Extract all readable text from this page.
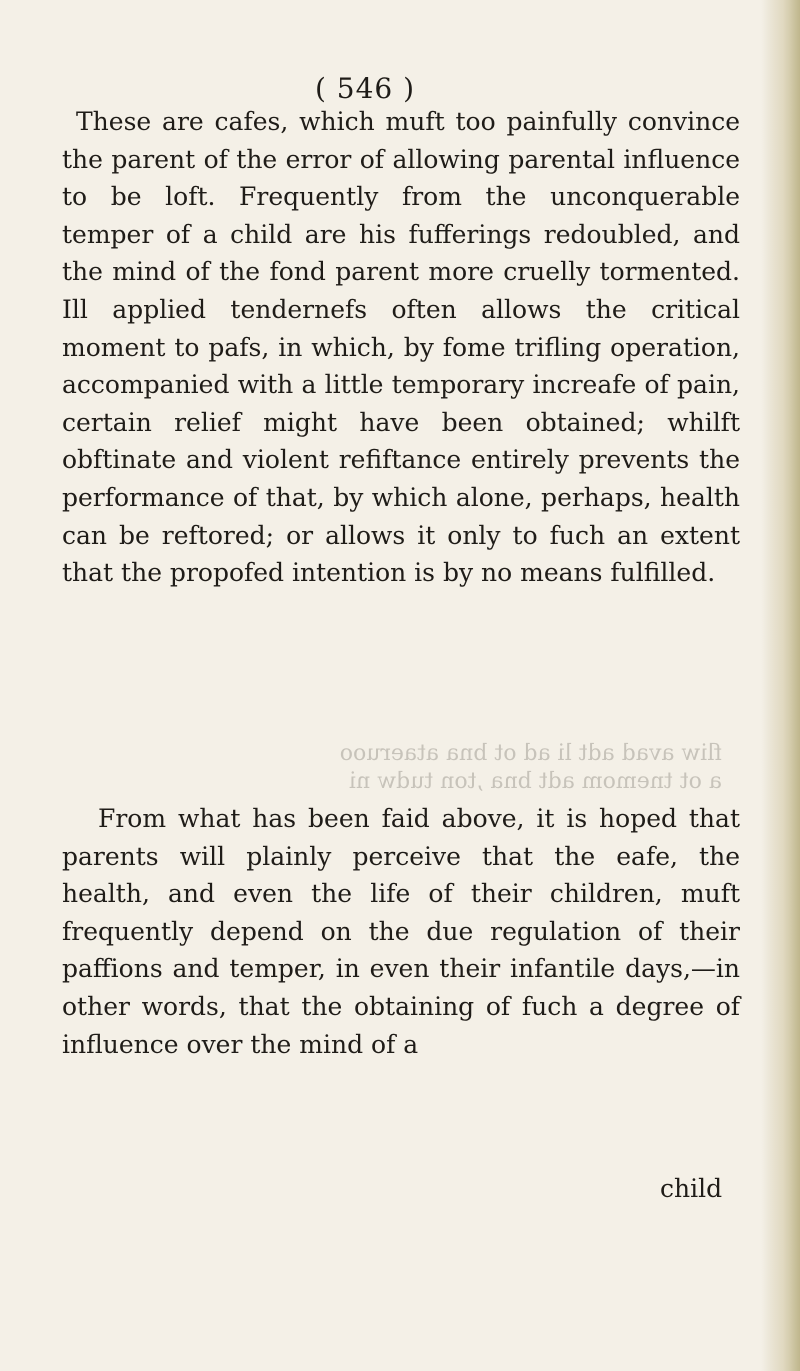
( 546 )

These are cafes, which muft too painfully convince the parent of the error of allowing parental influence to be loft. Frequently from the unconquerable temper of a child are his fufferings redoubled, and the mind of the fond parent more cruelly tormented. Ill applied tendernefs often allows the critical moment to pafs, in which, by fome trifling operation, accompanied with a little temporary increafe of pain, certain relief might have been obtained; whilft obftinate and violent refiftance entirely prevents the performance of that, by which alone, perhaps, health can be reftored; or allows it only to fuch an extent that the propofed intention is by no means fulfilled.

fliw avad adt li ad ot bna ataeruoo
a ot tnemom adt bna ,ton tudw ni

From what has been faid above, it is hoped that parents will plainly perceive that the eafe, the health, and even the life of their children, muft frequently depend on the due regulation of their paffions and temper, in even their infantile days,—in other words, that the obtaining of fuch a degree of influence over the mind of a

child
